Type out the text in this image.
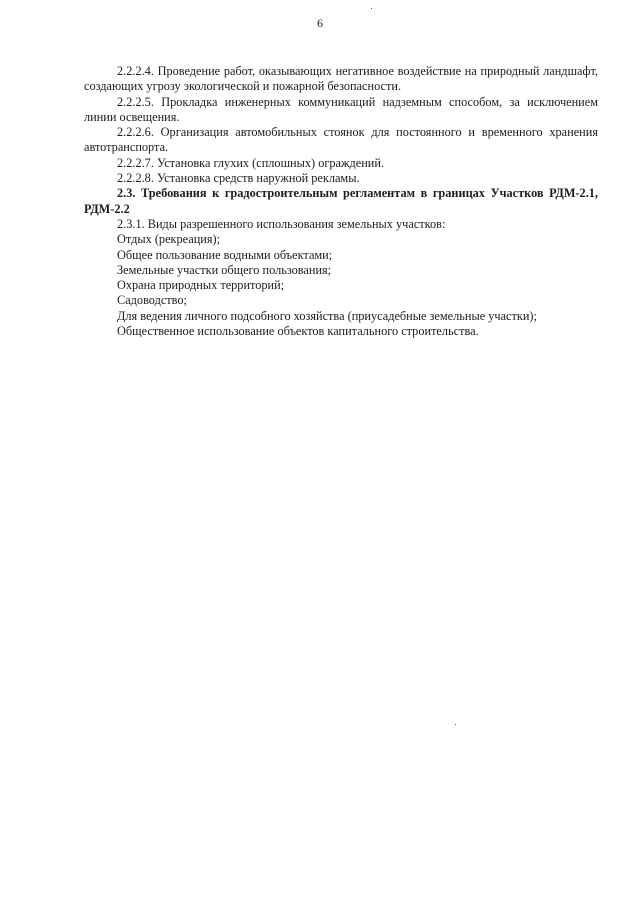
6

2.2.2.4. Проведение работ, оказывающих негативное воздействие на природный ландшафт, создающих угрозу экологической и пожарной безопасности.

2.2.2.5. Прокладка инженерных коммуникаций надземным способом, за исключением линии освещения.

2.2.2.6. Организация автомобильных стоянок для постоянного и временного хранения автотранспорта.

2.2.2.7. Установка глухих (сплошных) ограждений.

2.2.2.8. Установка средств наружной рекламы.

2.3. Требования к градостроительным регламентам в границах Участков РДМ-2.1, РДМ-2.2

2.3.1. Виды разрешенного использования земельных участков:

Отдых (рекреация);

Общее пользование водными объектами;

Земельные участки общего пользования;

Охрана природных территорий;

Садоводство;

Для ведения личного подсобного хозяйства (приусадебные земельные участки);

Общественное использование объектов капитального строительства.
